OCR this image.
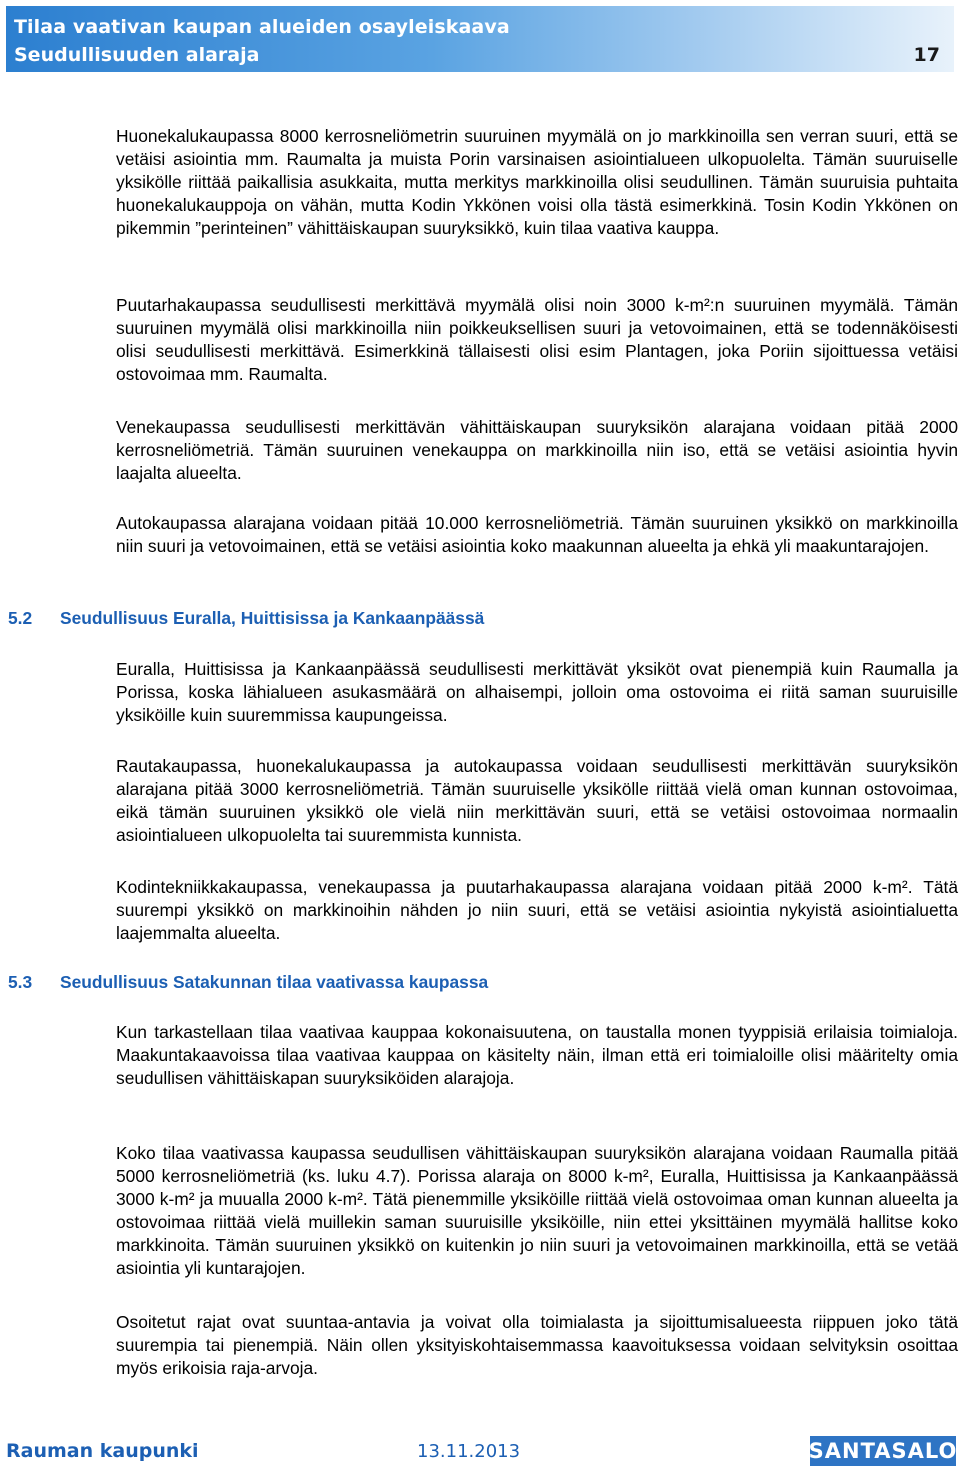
Tilaa vaativan kaupan alueiden osayleiskaava
Seudullisuuden alaraja	17

Huonekalukaupassa 8000 kerrosneliömetrin suuruinen myymälä on jo markkinoilla sen verran suuri, että se vetäisi asiointia mm. Raumalta ja muista Porin varsinaisen asiointialueen ulkopuolelta. Tämän suuruiselle yksikölle riittää paikallisia asukkaita, mutta merkitys markkinoilla olisi seudullinen. Tämän suuruisia puhtaita huonekalukauppoja on vähän, mutta Kodin Ykkönen voisi olla tästä esimerkkinä. Tosin Kodin Ykkönen on pikemmin ”perinteinen” vähittäiskaupan suuryksikkö, kuin tilaa vaativa kauppa.

Puutarhakaupassa seudullisesti merkittävä myymälä olisi noin 3000 k-m²:n suuruinen myymälä. Tämän suuruinen myymälä olisi markkinoilla niin poikkeuksellisen suuri ja vetovoimainen, että se todennäköisesti olisi seudullisesti merkittävä. Esimerkkinä tällaisesti olisi esim Plantagen, joka Poriin sijoittuessa vetäisi ostovoimaa mm. Raumalta.

Venekaupassa seudullisesti merkittävän vähittäiskaupan suuryksikön alarajana voidaan pitää 2000 kerrosneliömetriä. Tämän suuruinen venekauppa on markkinoilla niin iso, että se vetäisi asiointia hyvin laajalta alueelta.

Autokaupassa alarajana voidaan pitää 10.000 kerrosneliömetriä. Tämän suuruinen yksikkö on markkinoilla niin suuri ja vetovoimainen, että se vetäisi asiointia koko maakunnan alueelta ja ehkä yli maakuntarajojen.

5.2 Seudullisuus Euralla, Huittisissa ja Kankaanpäässä

Euralla, Huittisissa ja Kankaanpäässä seudullisesti merkittävät yksiköt ovat pienempiä kuin Raumalla ja Porissa, koska lähialueen asukasmäärä on alhaisempi, jolloin oma ostovoima ei riitä saman suuruisille yksiköille kuin suuremmissa kaupungeissa.

Rautakaupassa, huonekalukaupassa ja autokaupassa voidaan seudullisesti merkittävän suuryksikön alarajana pitää 3000 kerrosneliömetriä. Tämän suuruiselle yksikölle riittää vielä oman kunnan ostovoimaa, eikä tämän suuruinen yksikkö ole vielä niin merkittävän suuri, että se vetäisi ostovoimaa normaalin asiointialueen ulkopuolelta tai suuremmista kunnista.

Kodintekniikkakaupassa, venekaupassa ja puutarhakaupassa alarajana voidaan pitää 2000 k-m². Tätä suurempi yksikkö on markkinoihin nähden jo niin suuri, että se vetäisi asiointia nykyistä asiointialuetta laajemmalta alueelta.

5.3 Seudullisuus Satakunnan tilaa vaativassa kaupassa

Kun tarkastellaan tilaa vaativaa kauppaa kokonaisuutena, on taustalla monen tyyppisiä erilaisia toimialoja. Maakuntakaavoissa tilaa vaativaa kauppaa on käsitelty näin, ilman että eri toimialoille olisi määritelty omia seudullisen vähittäiskapan suuryksiköiden alarajoja.

Koko tilaa vaativassa kaupassa seudullisen vähittäiskaupan suuryksikön alarajana voidaan Raumalla pitää 5000 kerrosneliömetriä (ks. luku 4.7). Porissa alaraja on 8000 k-m², Euralla, Huittisissa ja Kankaanpäässä 3000 k-m² ja muualla 2000 k-m². Tätä pienemmille yksiköille riittää vielä ostovoimaa oman kunnan alueelta ja ostovoimaa riittää vielä muillekin saman suuruisille yksiköille, niin ettei yksittäinen myymälä hallitse koko markkinoita. Tämän suuruinen yksikkö on kuitenkin jo niin suuri ja vetovoimainen markkinoilla, että se vetää asiointia yli kuntarajojen.

Osoitetut rajat ovat suuntaa-antavia ja voivat olla toimialasta ja sijoittumisalueesta riippuen joko tätä suurempia tai pienempiä. Näin ollen yksityiskohtaisemmassa kaavoituksessa voidaan selvityksin osoittaa myös erikoisia raja-arvoja.

Rauman kaupunki	13.11.2013	SANTASALO
